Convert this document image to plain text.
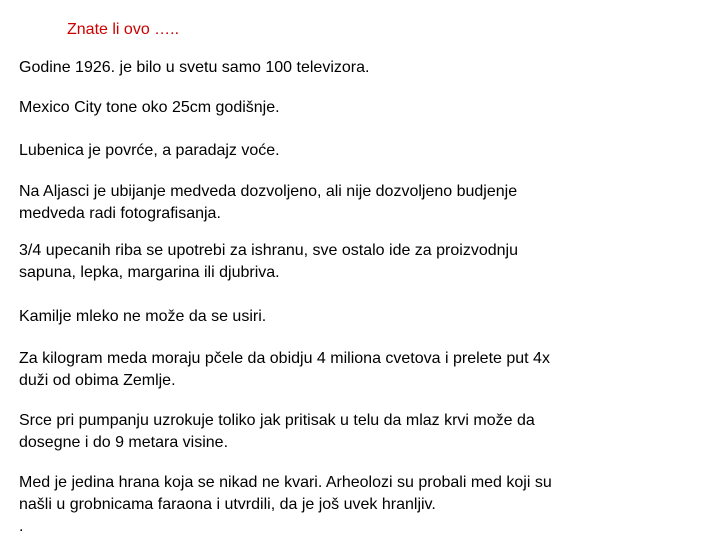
Znate li ovo …..
Godine 1926. je bilo u svetu samo 100 televizora.
Mexico City tone oko 25cm godišnje.
Lubenica je povrće, a paradajz voće.
Na Aljasci je ubijanje medveda dozvoljeno, ali nije dozvoljeno budjenje
medveda radi fotografisanja.
3/4 upecanih riba se upotrebi za ishranu, sve ostalo ide za proizvodnju
sapuna, lepka, margarina ili djubriva.
Kamilje mleko ne može da se usiri.
Za kilogram meda moraju pčele da obidju 4 miliona cvetova i prelete put 4x
duži od obima Zemlje.
Srce pri pumpanju uzrokuje toliko jak pritisak u telu da mlaz krvi može da
dosegne i do 9 metara visine.
Med je jedina hrana koja se nikad ne kvari. Arheolozi su probali med koji su
našli u grobnicama faraona i utvrdili, da je još uvek hranljiv.
.
